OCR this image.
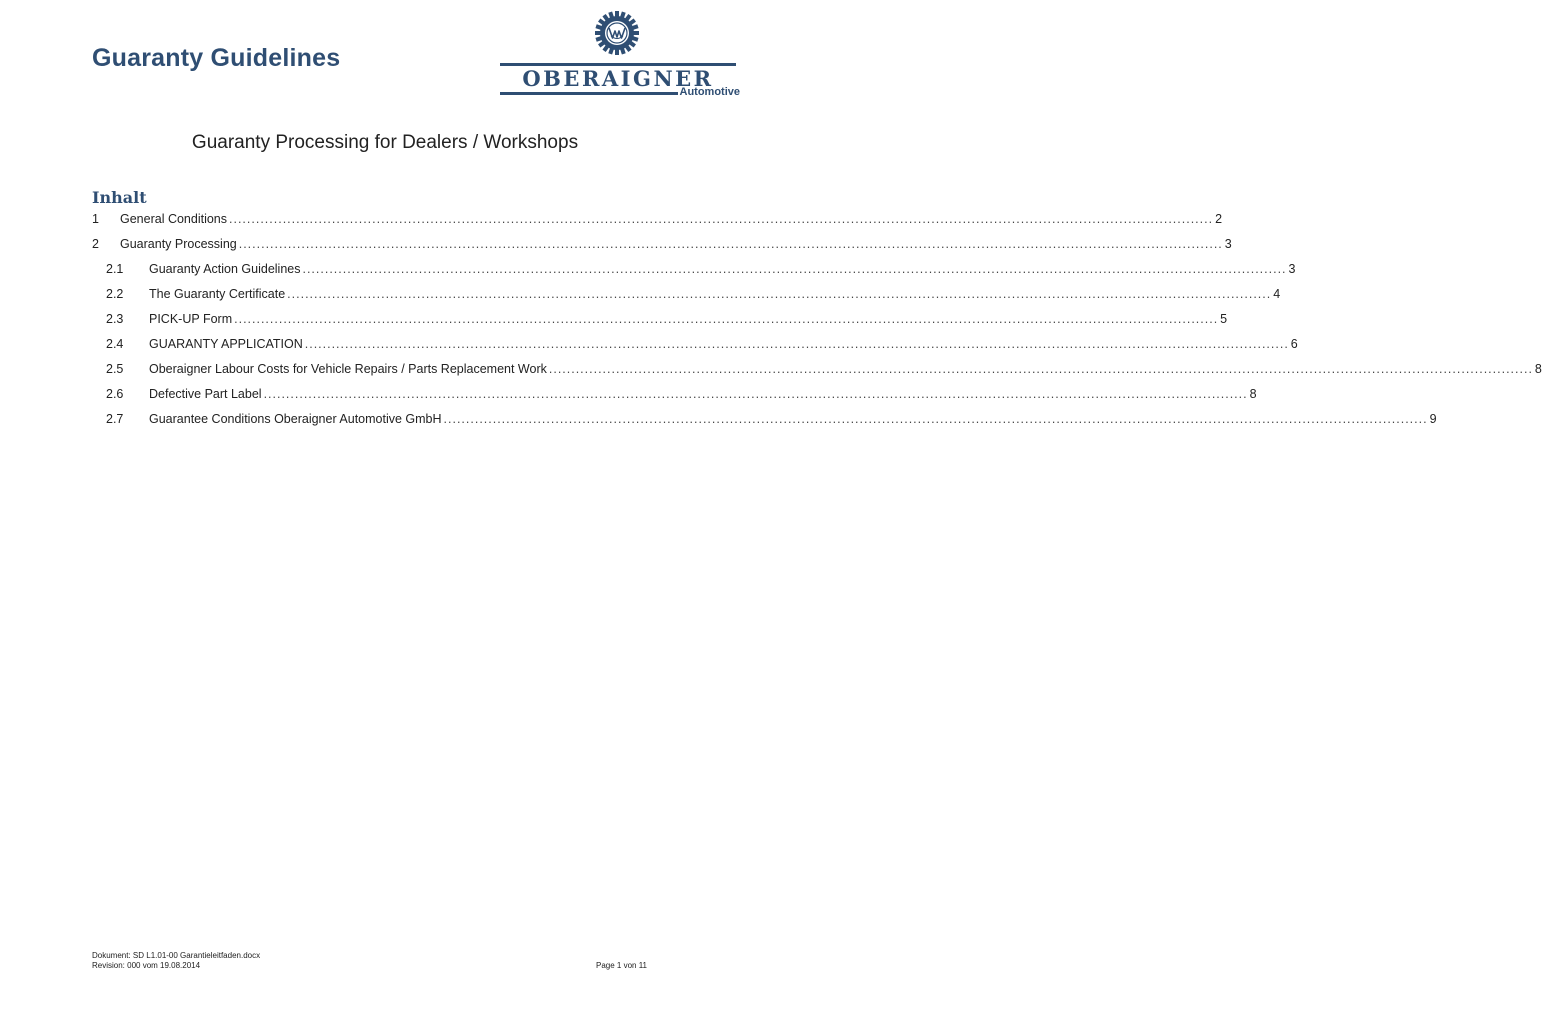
Guaranty Guidelines
OBERAIGNER
Automotive
Guaranty Processing for Dealers / Workshops
Inhalt
1 General Conditions ............................................................................................................................................................................................................................ 2
2 Guaranty Processing ............................................................................................................................................................................................................................ 3
2.1 Guaranty Action Guidelines ............................................................................................................................................................................................................................ 3
2.2 The Guaranty Certificate ............................................................................................................................................................................................................................ 4
2.3 PICK-UP Form ............................................................................................................................................................................................................................ 5
2.4 GUARANTY APPLICATION ............................................................................................................................................................................................................................ 6
2.5 Oberaigner Labour Costs for Vehicle Repairs / Parts Replacement Work ............................................................................................................................................................................................................................ 8
2.6 Defective Part Label ............................................................................................................................................................................................................................ 8
2.7 Guarantee Conditions Oberaigner Automotive GmbH ............................................................................................................................................................................................................................ 9
Dokument: SD L1.01-00 Garantieleitfaden.docx
Revision: 000 vom 19.08.2014	Page 1 von 11
